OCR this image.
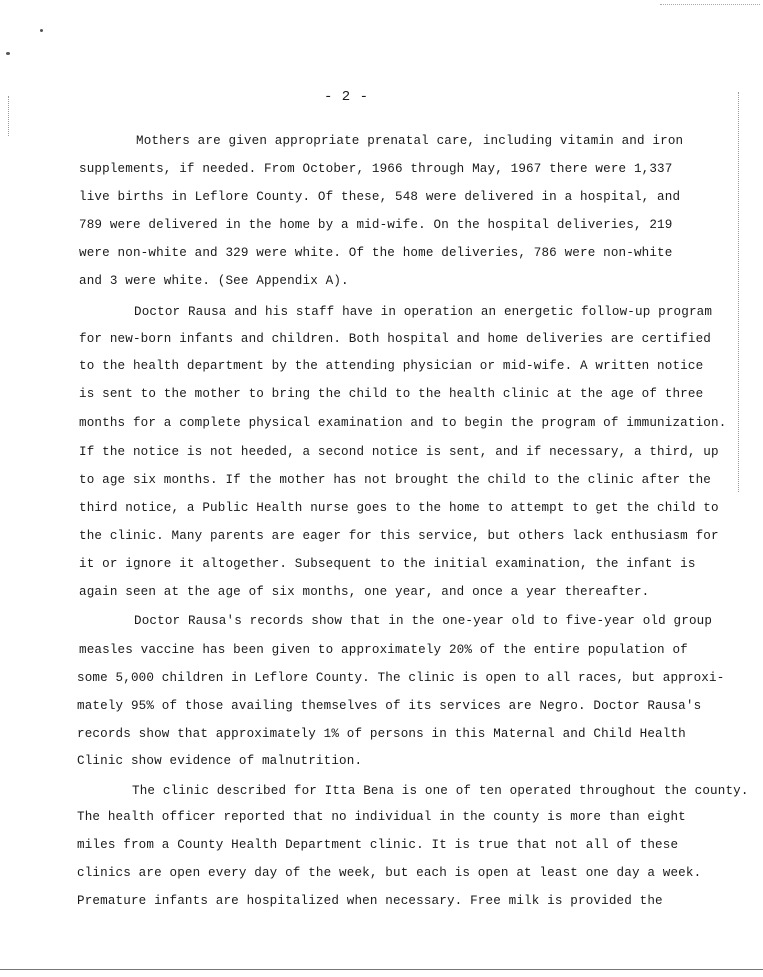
- 2 -
Mothers are given appropriate prenatal care, including vitamin and iron
supplements, if needed. From October, 1966 through May, 1967 there were 1,337
live births in Leflore County. Of these, 548 were delivered in a hospital, and
789 were delivered in the home by a mid-wife. On the hospital deliveries, 219
were non-white and 329 were white. Of the home deliveries, 786 were non-white
and 3 were white. (See Appendix A).
Doctor Rausa and his staff have in operation an energetic follow-up program
for new-born infants and children. Both hospital and home deliveries are certified
to the health department by the attending physician or mid-wife. A written notice
is sent to the mother to bring the child to the health clinic at the age of three
months for a complete physical examination and to begin the program of immunization.
If the notice is not heeded, a second notice is sent, and if necessary, a third, up
to age six months. If the mother has not brought the child to the clinic after the
third notice, a Public Health nurse goes to the home to attempt to get the child to
the clinic. Many parents are eager for this service, but others lack enthusiasm for
it or ignore it altogether. Subsequent to the initial examination, the infant is
again seen at the age of six months, one year, and once a year thereafter.
Doctor Rausa's records show that in the one-year old to five-year old group
measles vaccine has been given to approximately 20% of the entire population of
some 5,000 children in Leflore County. The clinic is open to all races, but approxi-
mately 95% of those availing themselves of its services are Negro. Doctor Rausa's
records show that approximately 1% of persons in this Maternal and Child Health
Clinic show evidence of malnutrition.
The clinic described for Itta Bena is one of ten operated throughout the county.
The health officer reported that no individual in the county is more than eight
miles from a County Health Department clinic. It is true that not all of these
clinics are open every day of the week, but each is open at least one day a week.
Premature infants are hospitalized when necessary. Free milk is provided the
